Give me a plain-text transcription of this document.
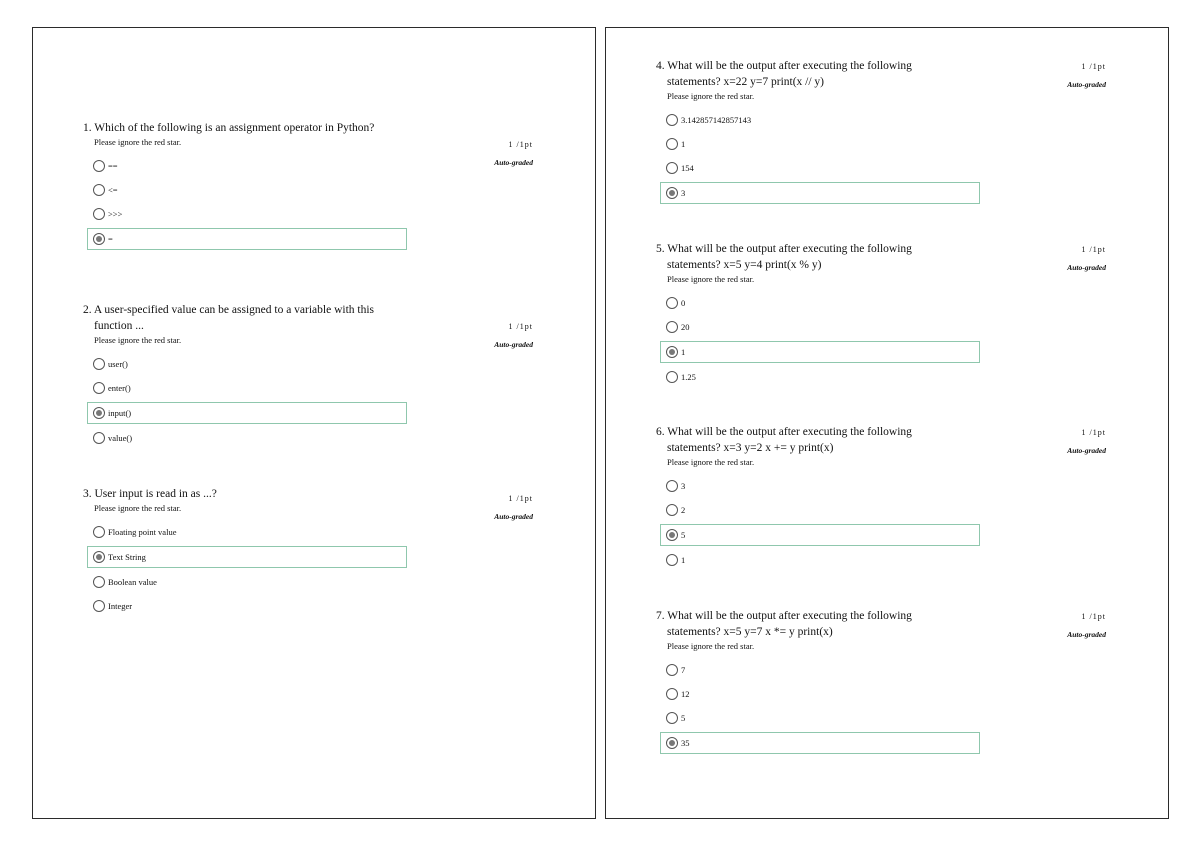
1. Which of the following is an assignment operator in Python?

Please ignore the red star.	1 /1pt
Auto-graded
==
<=
>>>
=

2. A user-specified value can be assigned to a variable with this function ...

Please ignore the red star.

1 /1pt
Auto-graded
user()
enter()
input()
value()

3. User input is read in as ...?

Please ignore the red star.

1 /1pt
Auto-graded
Floating point value
Text String
Boolean value
Integer

4. What will be the output after executing the following statements? x=22 y=7 print(x // y)

Please ignore the red star.

1 /1pt
Auto-graded
3.142857142857143
1
154
3

5. What will be the output after executing the following statements? x=5 y=4 print(x % y)

Please ignore the red star.

1 /1pt
Auto-graded
0
20
1
1.25

6. What will be the output after executing the following statements? x=3 y=2 x += y print(x)

Please ignore the red star.

1 /1pt
Auto-graded
3
2
5
1

7. What will be the output after executing the following statements? x=5 y=7 x *= y print(x)

Please ignore the red star.

1 /1pt
Auto-graded
7
12
5
35
